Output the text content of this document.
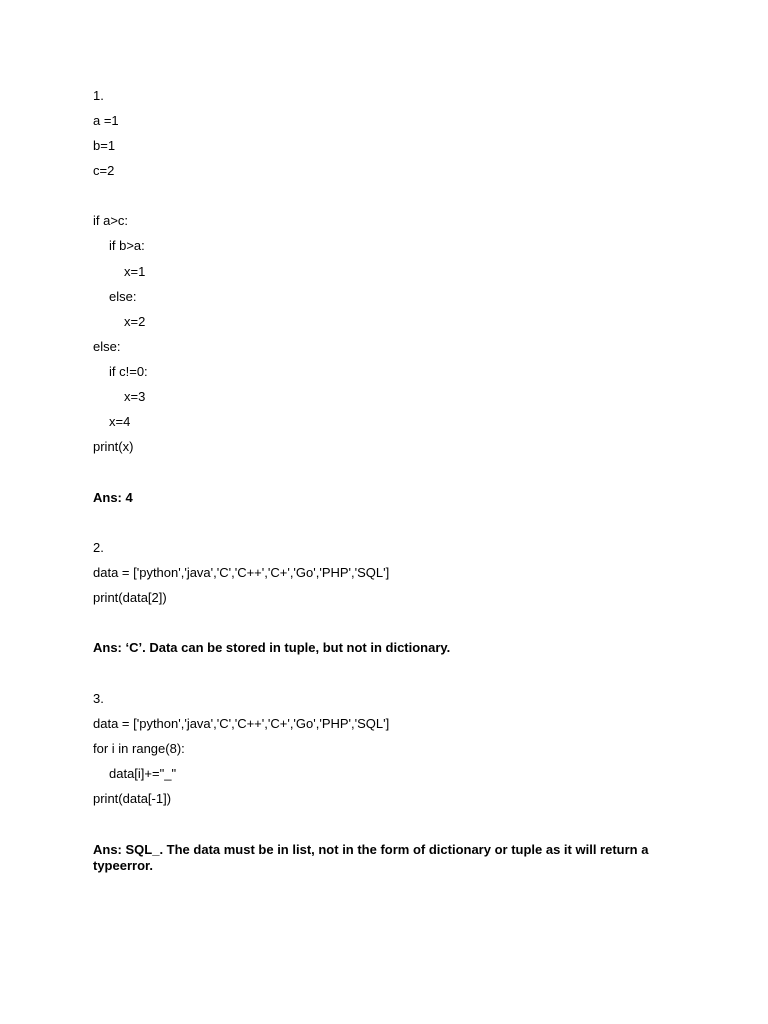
1.
a =1
b=1
c=2
if a>c:
if b>a:
x=1
else:
x=2
else:
if c!=0:
x=3
x=4
print(x)
Ans: 4
2.
data = ['python','java','C','C++','C+','Go','PHP','SQL']
print(data[2])
Ans: ‘C’. Data can be stored in tuple, but not in dictionary.
3.
data = ['python','java','C','C++','C+','Go','PHP','SQL']
for i in range(8):
data[i]+="_"
print(data[-1])
Ans: SQL_. The data must be in list, not in the form of dictionary or tuple as it will return a typeerror.
